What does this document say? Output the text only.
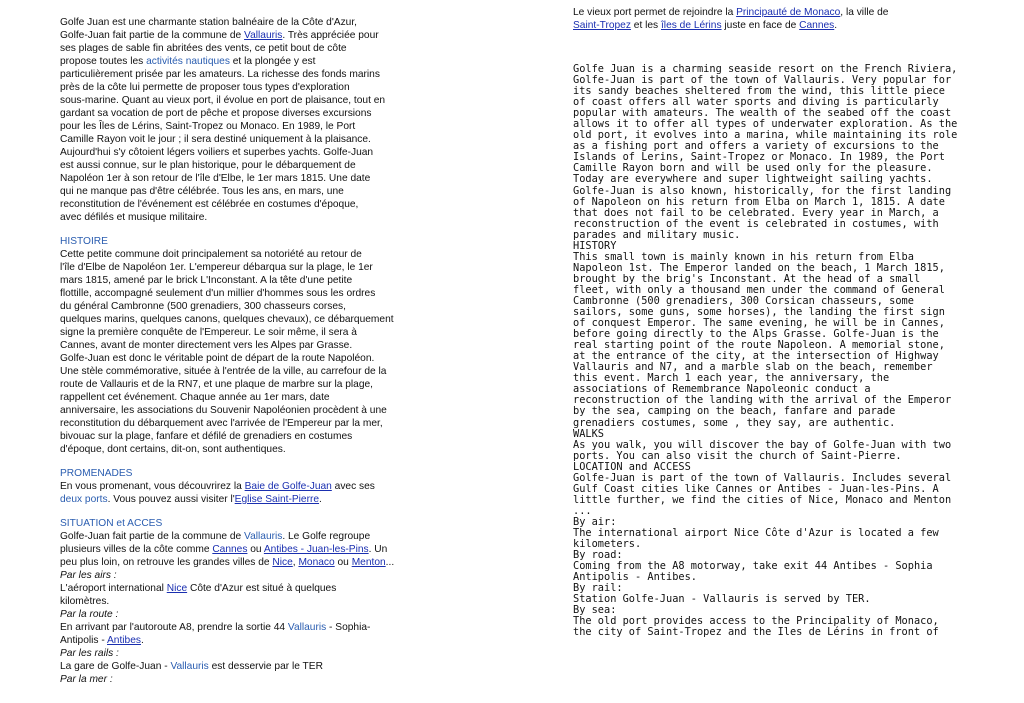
Golfe Juan est une charmante station balnéaire de la Côte d'Azur,

Golfe-Juan fait partie de la commune de Vallauris. Très appréciée pour

ses plages de sable fin abritées des vents, ce petit bout de côte

propose toutes les activités nautiques et la plongée y est

particulièrement prisée par les amateurs. La richesse des fonds marins

près de la côte lui permette de proposer tous types d'exploration

sous-marine. Quant au vieux port, il évolue en port de plaisance, tout en

gardant sa vocation de port de pêche et propose diverses excursions

pour les Îles de Lérins, Saint-Tropez ou Monaco. En 1989, le Port

Camille Rayon voit le jour ; il sera destiné uniquement à la plaisance.

Aujourd'hui s'y côtoient légers voiliers et superbes yachts. Golfe-Juan

est aussi connue, sur le plan historique, pour le débarquement de

Napoléon 1er à son retour de l'île d'Elbe, le 1er mars 1815. Une date

qui ne manque pas d'être célébrée. Tous les ans, en mars, une

reconstitution de l'événement est célébrée en costumes d'époque,

avec défilés et musique militaire.

HISTOIRE

Cette petite commune doit principalement sa notoriété au retour de

l'île d'Elbe de Napoléon 1er. L'empereur débarqua sur la plage, le 1er

mars 1815, amené par le brick L'Inconstant. A la tête d'une petite

flottille, accompagné seulement d'un millier d'hommes sous les ordres

du général Cambronne (500 grenadiers, 300 chasseurs corses,

quelques marins, quelques canons, quelques chevaux), ce débarquement

signe la première conquête de l'Empereur. Le soir même, il sera à

Cannes, avant de monter directement vers les Alpes par Grasse.

Golfe-Juan est donc le véritable point de départ de la route Napoléon.

Une stèle commémorative, située à l'entrée de la ville, au carrefour de la

route de Vallauris et de la RN7, et une plaque de marbre sur la plage,

rappellent cet événement. Chaque année au 1er mars, date

anniversaire, les associations du Souvenir Napoléonien procèdent à une

reconstitution du débarquement avec l'arrivée de l'Empereur par la mer,

bivouac sur la plage, fanfare et défilé de grenadiers en costumes

d'époque, dont certains, dit-on, sont authentiques.

PROMENADES

En vous promenant, vous découvrirez la Baie de Golfe-Juan avec ses

deux ports. Vous pouvez aussi visiter l'Eglise Saint-Pierre.

SITUATION et ACCES

Golfe-Juan fait partie de la commune de Vallauris. Le Golfe regroupe

plusieurs villes de la côte comme Cannes ou Antibes - Juan-les-Pins. Un

peu plus loin, on retrouve les grandes villes de Nice, Monaco ou Menton...

Par les airs :

L'aéroport international Nice Côte d'Azur est situé à quelques

kilomètres.

Par la route :

En arrivant par l'autoroute A8, prendre la sortie 44 Vallauris - Sophia-

Antipolis - Antibes.

Par les rails :

La gare de Golfe-Juan - Vallauris est desservie par le TER

Par la mer :

Le vieux port permet de rejoindre la Principauté de Monaco, la ville de

Saint-Tropez et les îles de Lérins juste en face de Cannes.

Golfe Juan is a charming seaside resort on the French Riviera,
Golfe-Juan is part of the town of Vallauris. Very popular for
its sandy beaches sheltered from the wind, this little piece
of coast offers all water sports and diving is particularly
popular with amateurs. The wealth of the seabed off the coast
allows it to offer all types of underwater exploration. As the
old port, it evolves into a marina, while maintaining its role
as a fishing port and offers a variety of excursions to the
Islands of Lerins, Saint-Tropez or Monaco. In 1989, the Port
Camille Rayon born and will be used only for the pleasure.
Today are everywhere and super lightweight sailing yachts.
Golfe-Juan is also known, historically, for the first landing
of Napoleon on his return from Elba on March 1, 1815. A date
that does not fail to be celebrated. Every year in March, a
reconstruction of the event is celebrated in costumes, with
parades and military music.
HISTORY
This small town is mainly known in his return from Elba
Napoleon 1st. The Emperor landed on the beach, 1 March 1815,
brought by the brig's Inconstant. At the head of a small
fleet, with only a thousand men under the command of General
Cambronne (500 grenadiers, 300 Corsican chasseurs, some
sailors, some guns, some horses), the landing the first sign
of conquest Emperor. The same evening, he will be in Cannes,
before going directly to the Alps Grasse. Golfe-Juan is the
real starting point of the route Napoleon. A memorial stone,
at the entrance of the city, at the intersection of Highway
Vallauris and N7, and a marble slab on the beach, remember
this event. March 1 each year, the anniversary, the
associations of Remembrance Napoleonic conduct a
reconstruction of the landing with the arrival of the Emperor
by the sea, camping on the beach, fanfare and parade
grenadiers costumes, some , they say, are authentic.
WALKS
As you walk, you will discover the bay of Golfe-Juan with two
ports. You can also visit the church of Saint-Pierre.
LOCATION and ACCESS
Golfe-Juan is part of the town of Vallauris. Includes several
Gulf Coast cities like Cannes or Antibes - Juan-les-Pins. A
little further, we find the cities of Nice, Monaco and Menton
...
By air:
The international airport Nice Côte d'Azur is located a few
kilometers.
By road:
Coming from the A8 motorway, take exit 44 Antibes - Sophia
Antipolis - Antibes.
By rail:
Station Golfe-Juan - Vallauris is served by TER.
By sea:
The old port provides access to the Principality of Monaco,
the city of Saint-Tropez and the Iles de Lérins in front of
